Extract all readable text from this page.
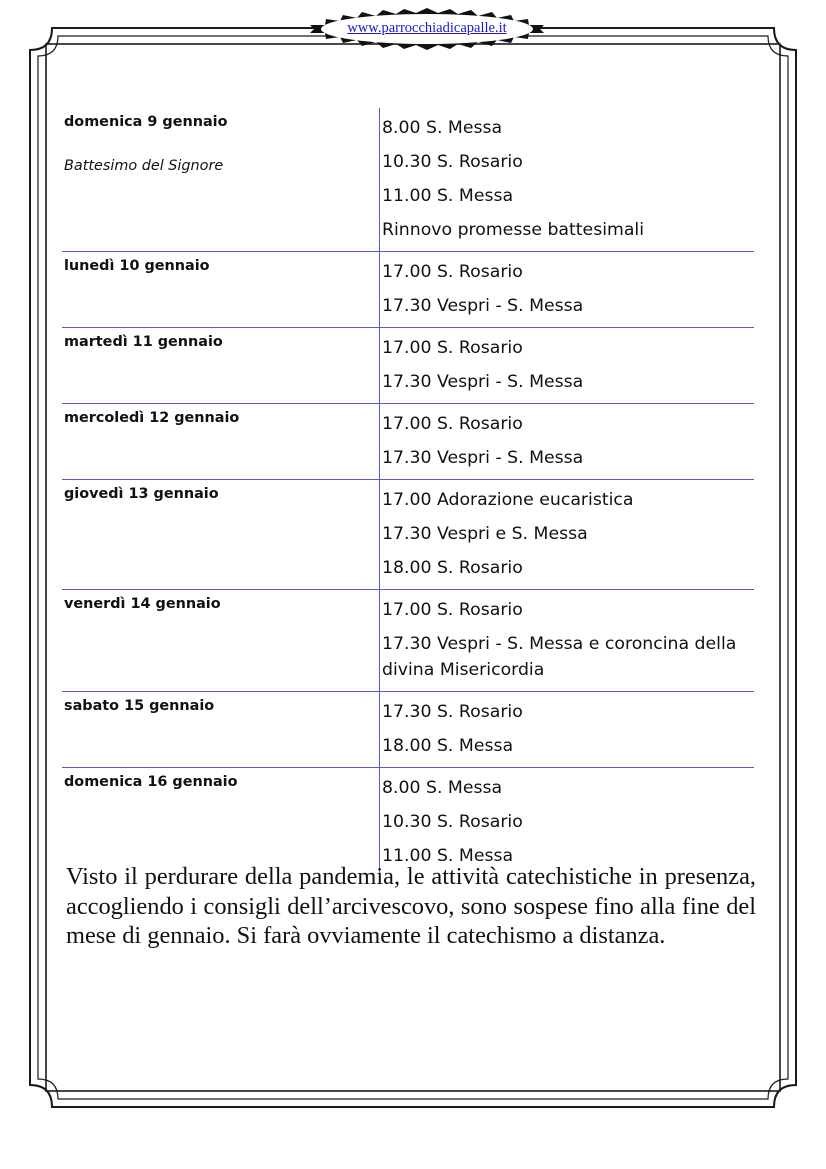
www.parrocchiadicapalle.it
domenica 9 gennaio
Battesimo del Signore
8.00 S. Messa
10.30 S. Rosario
11.00 S. Messa
Rinnovo promesse battesimali
lunedì 10 gennaio	17.00 S. Rosario
17.30 Vespri - S. Messa
martedì 11 gennaio	17.00 S. Rosario
17.30 Vespri - S. Messa
mercoledì 12 gennaio	17.00 S. Rosario
17.30 Vespri - S. Messa
giovedì 13 gennaio	17.00 Adorazione eucaristica
17.30 Vespri e S. Messa
18.00 S. Rosario
venerdì 14 gennaio	17.00 S. Rosario
17.30 Vespri - S. Messa e coroncina della divina Misericordia
sabato 15 gennaio	17.30 S. Rosario
18.00 S. Messa
domenica 16 gennaio	8.00 S. Messa
10.30 S. Rosario
11.00 S. Messa
Visto il perdurare della pandemia, le attività catechistiche in presenza, accogliendo i consigli dell’arcivescovo, sono sospese fino alla fine del mese di gennaio. Si farà ovviamente il catechismo a distanza.
